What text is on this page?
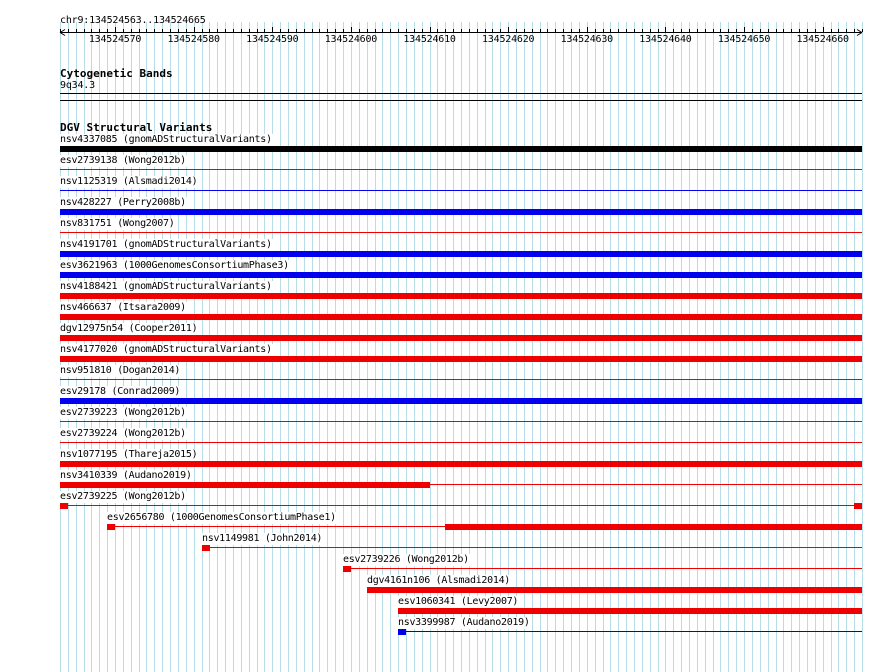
chr9:134524563..134524665
Cytogenetic Bands
9q34.3
DGV Structural Variants
nsv4337085 (gnomADStructuralVariants)
esv2739138 (Wong2012b)
nsv1125319 (Alsmadi2014)
nsv428227 (Perry2008b)
nsv831751 (Wong2007)
nsv4191701 (gnomADStructuralVariants)
esv3621963 (1000GenomesConsortiumPhase3)
nsv4188421 (gnomADStructuralVariants)
nsv466637 (Itsara2009)
dgv12975n54 (Cooper2011)
nsv4177020 (gnomADStructuralVariants)
nsv951810 (Dogan2014)
esv29178 (Conrad2009)
esv2739223 (Wong2012b)
esv2739224 (Wong2012b)
nsv1077195 (Thareja2015)
nsv3410339 (Audano2019)
esv2739225 (Wong2012b)
esv2656780 (1000GenomesConsortiumPhase1)
nsv1149981 (John2014)
esv2739226 (Wong2012b)
dgv4161n106 (Alsmadi2014)
esv1060341 (Levy2007)
nsv3399987 (Audano2019)
134524570	134524580	134524590	134524600	134524610	134524620	134524630	134524640	134524650	134524660
